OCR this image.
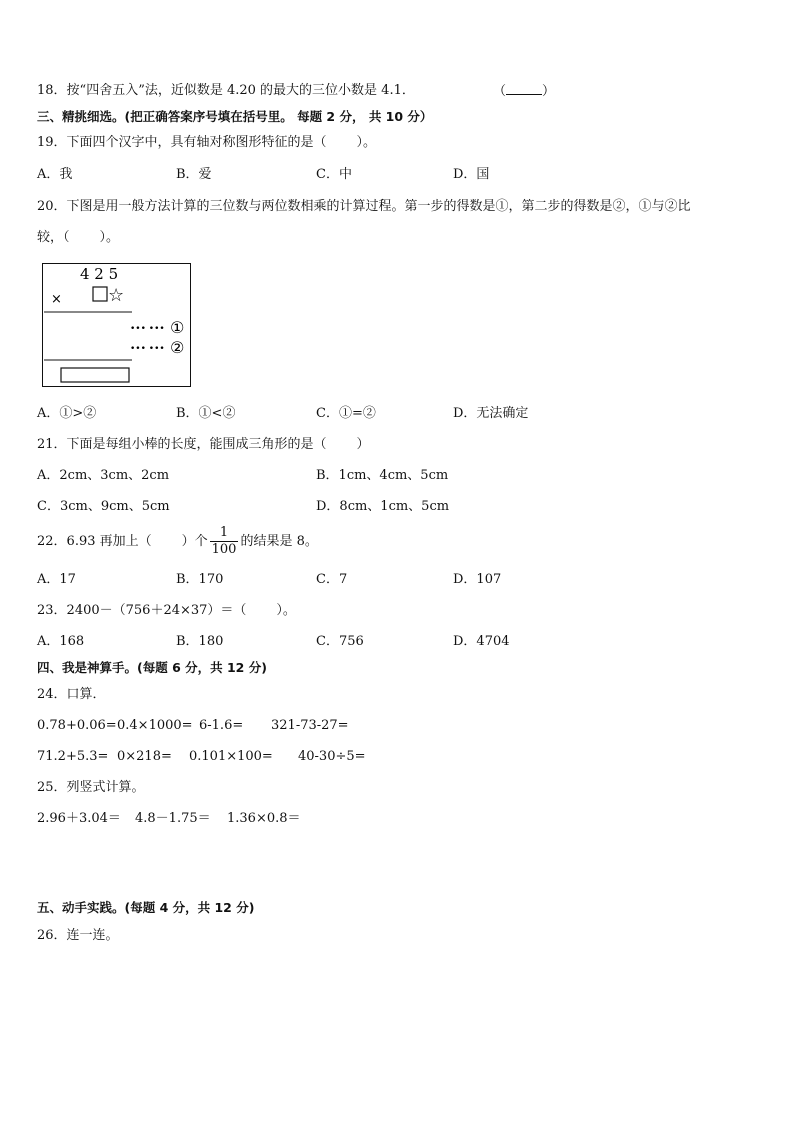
18．按“四舍五入”法，近似数是 4.20 的最大的三位小数是 4.1．	（	）
三、精挑细选。(把正确答案序号填在括号里。 每题 2 分， 共 10 分）
19．下面四个汉字中，具有轴对称图形特征的是（ ）。
A．我	B．爱	C．中	D．国
20．下图是用一般方法计算的三位数与两位数相乘的计算过程。第一步的得数是①，第二步的得数是②，①与②比
较，（ ）。
4 2 5
×	☆
••• ••• ①
••• ••• ②
A．①>②	B．①<②	C．①=②	D．无法确定
21．下面是每组小棒的长度，能围成三角形的是（ ）
A．2cm、3cm、2cm	B．1cm、4cm、5cm
C．3cm、9cm、5cm	D．8cm、1cm、5cm
22．6.93 再加上（ ）个 $\frac{1}{100}$ 的结果是 8。
A．17	B．170	C．7	D．107
23．2400－（756＋24×37）＝（ ）。
A．168	B．180	C．756	D．4704
四、我是神算手。(每题 6 分，共 12 分)
24．口算．
0.78+0.06= 0.4×1000= 6-1.6= 321-73-27=
71.2+5.3= 0×218= 0.101×100= 40-30÷5=
25．列竖式计算。
2.96＋3.04＝ 4.8－1.75＝ 1.36×0.8＝
五、动手实践。(每题 4 分，共 12 分)
26．连一连。
